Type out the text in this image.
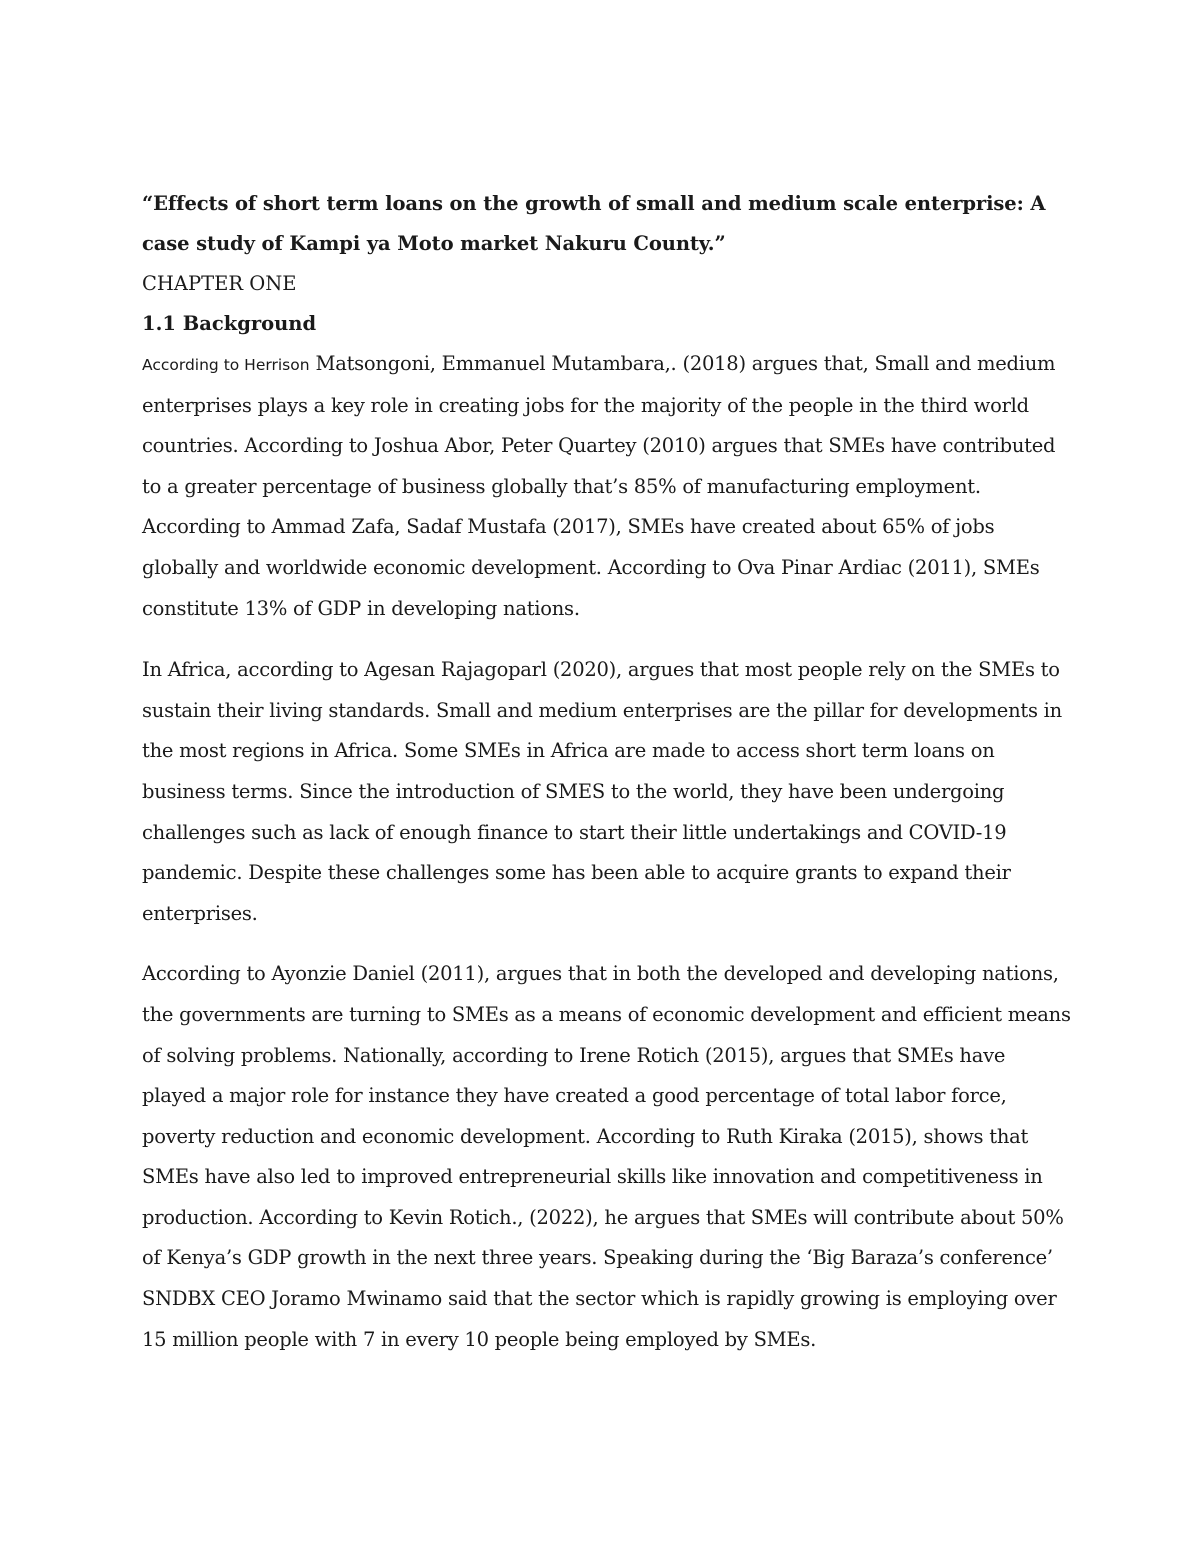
“Effects of short term loans on the growth of small and medium scale enterprise: A case study of Kampi ya Moto market Nakuru County.”

CHAPTER ONE

1.1 Background

According to Herrison Matsongoni, Emmanuel Mutambara,. (2018) argues that, Small and medium enterprises plays a key role in creating jobs for the majority of the people in the third world countries. According to Joshua Abor, Peter Quartey (2010) argues that SMEs have contributed to a greater percentage of business globally that’s 85% of manufacturing employment. According to Ammad Zafa, Sadaf Mustafa (2017), SMEs have created about 65% of jobs globally and worldwide economic development. According to Ova Pinar Ardiac (2011), SMEs constitute 13% of GDP in developing nations.

In Africa, according to Agesan Rajagoparl (2020), argues that most people rely on the SMEs to sustain their living standards. Small and medium enterprises are the pillar for developments in the most regions in Africa. Some SMEs in Africa are made to access short term loans on business terms. Since the introduction of SMES to the world, they have been undergoing challenges such as lack of enough finance to start their little undertakings and COVID-19 pandemic. Despite these challenges some has been able to acquire grants to expand their enterprises.

According to Ayonzie Daniel (2011), argues that in both the developed and developing nations, the governments are turning to SMEs as a means of economic development and efficient means of solving problems. Nationally, according to Irene Rotich (2015), argues that SMEs have played a major role for instance they have created a good percentage of total labor force, poverty reduction and economic development. According to Ruth Kiraka (2015), shows that SMEs have also led to improved entrepreneurial skills like innovation and competitiveness in production. According to Kevin Rotich., (2022), he argues that SMEs will contribute about 50% of Kenya’s GDP growth in the next three years. Speaking during the ‘Big Baraza’s conference’ SNDBX CEO Joramo Mwinamo said that the sector which is rapidly growing is employing over 15 million people with 7 in every 10 people being employed by SMEs.
